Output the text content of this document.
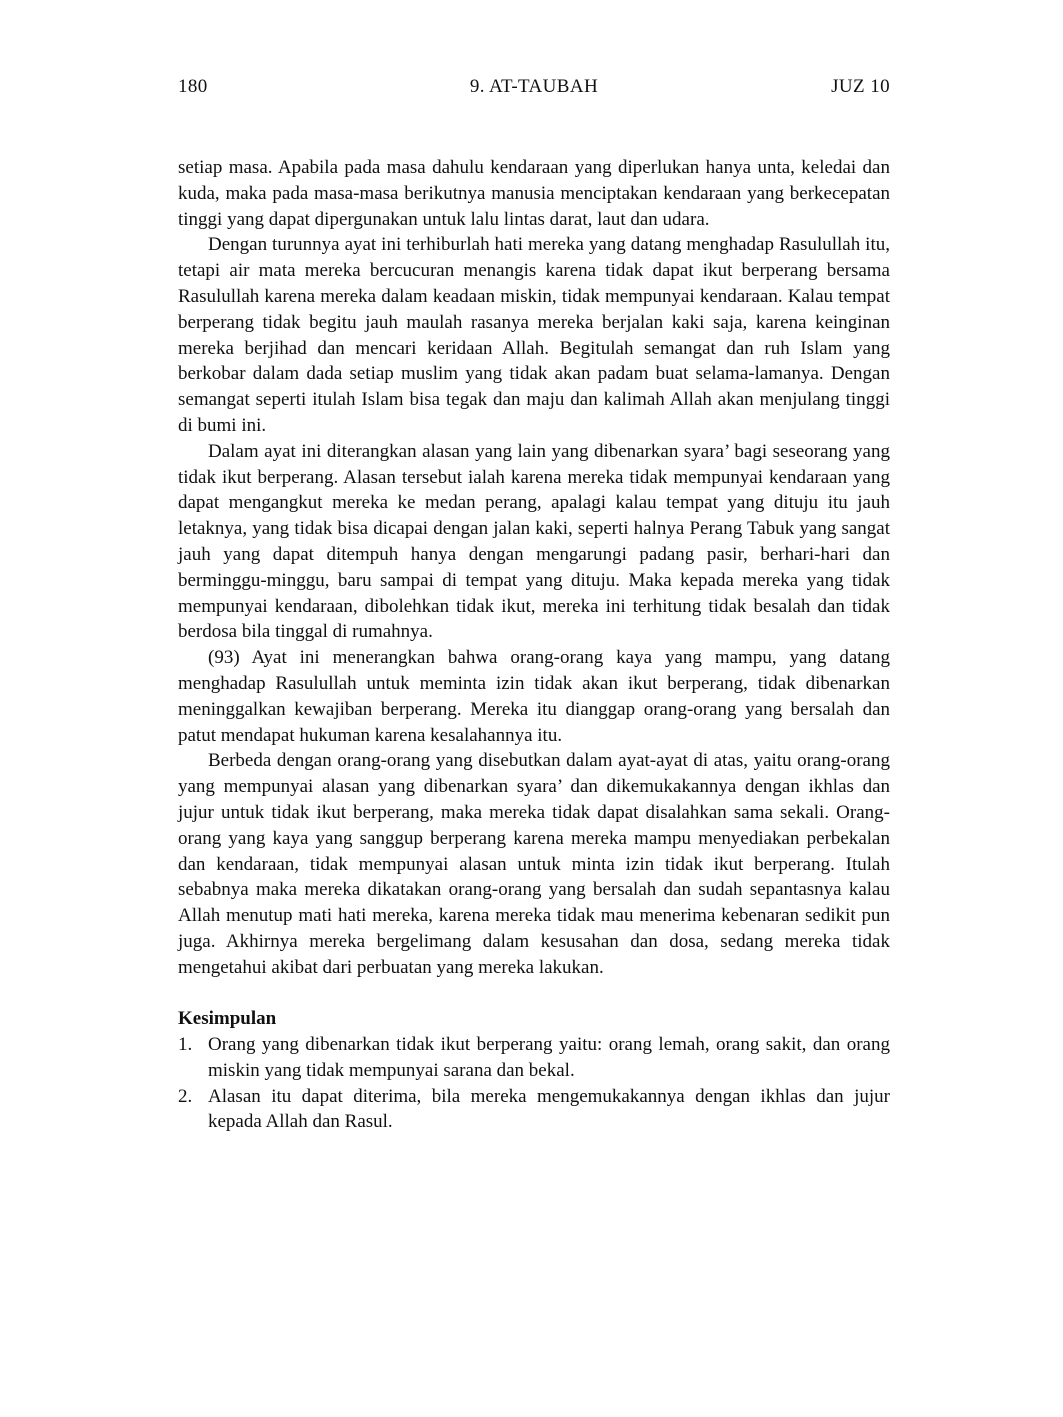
180	9. AT-TAUBAH	JUZ 10

setiap masa. Apabila pada masa dahulu kendaraan yang diperlukan hanya unta, keledai dan kuda, maka pada masa-masa berikutnya manusia menciptakan kendaraan yang berkecepatan tinggi yang dapat dipergunakan untuk lalu lintas darat, laut dan udara.

Dengan turunnya ayat ini terhiburlah hati mereka yang datang menghadap Rasulullah itu, tetapi air mata mereka bercucuran menangis karena tidak dapat ikut berperang bersama Rasulullah karena mereka dalam keadaan miskin, tidak mempunyai kendaraan. Kalau tempat berperang tidak begitu jauh maulah rasanya mereka berjalan kaki saja, karena keinginan mereka berjihad dan mencari keridaan Allah. Begitulah semangat dan ruh Islam yang berkobar dalam dada setiap muslim yang tidak akan padam buat selama-lamanya. Dengan semangat seperti itulah Islam bisa tegak dan maju dan kalimah Allah akan menjulang tinggi di bumi ini.

Dalam ayat ini diterangkan alasan yang lain yang dibenarkan syara’ bagi seseorang yang tidak ikut berperang. Alasan tersebut ialah karena mereka tidak mempunyai kendaraan yang dapat mengangkut mereka ke medan perang, apalagi kalau tempat yang dituju itu jauh letaknya, yang tidak bisa dicapai dengan jalan kaki, seperti halnya Perang Tabuk yang sangat jauh yang dapat ditempuh hanya dengan mengarungi padang pasir, berhari-hari dan berminggu-minggu, baru sampai di tempat yang dituju. Maka kepada mereka yang tidak mempunyai kendaraan, dibolehkan tidak ikut, mereka ini terhitung tidak besalah dan tidak berdosa bila tinggal di rumahnya.

(93) Ayat ini menerangkan bahwa orang-orang kaya yang mampu, yang datang menghadap Rasulullah untuk meminta izin tidak akan ikut berperang, tidak dibenarkan meninggalkan kewajiban berperang. Mereka itu dianggap orang-orang yang bersalah dan patut mendapat hukuman karena kesalahannya itu.

Berbeda dengan orang-orang yang disebutkan dalam ayat-ayat di atas, yaitu orang-orang yang mempunyai alasan yang dibenarkan syara’ dan dikemukakannya dengan ikhlas dan jujur untuk tidak ikut berperang, maka mereka tidak dapat disalahkan sama sekali. Orang-orang yang kaya yang sanggup berperang karena mereka mampu menyediakan perbekalan dan kendaraan, tidak mempunyai alasan untuk minta izin tidak ikut berperang. Itulah sebabnya maka mereka dikatakan orang-orang yang bersalah dan sudah sepantasnya kalau Allah menutup mati hati mereka, karena mereka tidak mau menerima kebenaran sedikit pun juga. Akhirnya mereka bergelimang dalam kesusahan dan dosa, sedang mereka tidak mengetahui akibat dari perbuatan yang mereka lakukan.

Kesimpulan
1. Orang yang dibenarkan tidak ikut berperang yaitu: orang lemah, orang sakit, dan orang miskin yang tidak mempunyai sarana dan bekal.
2. Alasan itu dapat diterima, bila mereka mengemukakannya dengan ikhlas dan jujur kepada Allah dan Rasul.
